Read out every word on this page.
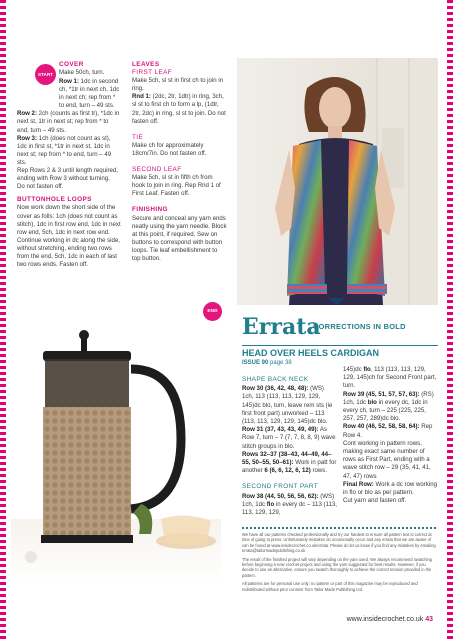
START

COVER

Make 50ch, turn.

Row 1: 1dc in second ch, *1tr in next ch, 1dc in next ch; rep from * to end, turn – 49 sts.

Row 2: 2ch (counts as first tr), *1dc in next st, 1tr in next st; rep from * to end, turn – 49 sts.

Row 3: 1ch (does not count as st), 1dc in first st, *1tr in next st, 1dc in next st; rep from * to end, turn – 49 sts.

Rep Rows 2 & 3 until length required, ending with Row 3 without turning.

Do not fasten off.

BUTTONHOLE LOOPS

Now work down the short side of the cover as folls: 1ch (does not count as stitch), 1dc in first row end, 1dc in next row end, 5ch, 1dc in next row end. Continue working in dc along the side, without stretching, ending two rows from the end, 5ch, 1dc in each of last two rows ends. Fasten off.

LEAVES

FIRST LEAF

Make 5ch, sl st in first ch to join in ring.

Rnd 1: (2dc, 2tr, 1dtr) in ring, 3ch, sl st to first ch to form a lp, (1dtr, 2tr, 2dc) in ring, sl st to join. Do not fasten off.

TIE

Make ch for approximately 18cm/7in. Do not fasten off.

SECOND LEAF

Make 5ch, sl st in fifth ch from hook to join in ring. Rep Rnd 1 of First Leaf. Fasten off.

FINISHING

Secure and conceal any yarn ends neatly using the yarn needle. Block at this point, if required. Sew on buttons to correspond with button loops. Tie leaf embellishment to top button.

END
Errata
CORRECTIONS IN BOLD
HEAD OVER HEELS CARDIGAN
ISSUE 90 page 38

SHAPE BACK NECK

Row 30 (36, 42, 48, 48): (WS) 1ch, 113 (113, 113, 129, 129, 145)dc blo, turn, leave rem sts (ie first front part) unworked – 113 (113, 113, 129, 129, 145)dc blo.

Row 31 (37, 43, 43, 49, 49): As Row 7, turn – 7 (7, 7, 8, 8, 9) wave stitch groups in blo.

Rows 32–37 (38–43, 44–49, 44–55, 50–55, 50–61): Work in patt for another 6 (6, 6, 12, 6, 12) rows.

SECOND FRONT PART

Row 38 (44, 50, 56, 56, 62): (WS) 1ch, 1dc flo in every dc – 113 (113, 113, 129, 129,

145)dc flo, 113 (113, 113, 129, 129, 145)ch for Second Front part, turn.

Row 39 (45, 51, 57, 57, 63): (RS) 1ch, 1dc blo in every dc, 1dc in every ch, turn – 225 (225, 225, 257, 257, 289)dc blo.

Row 40 (46, 52, 58, 58, 64): Rep Row 4.

Cont working in pattern rows, making exact same number of rows as First Part, ending with a wave stitch row – 29 (35, 41, 41, 47, 47) rows

Final Row: Work a dc row working in flo or blo as per pattern.

Cut yarn and fasten off.

We have all our patterns checked professionally and try our hardest to ensure all pattern text is correct at time of going to press. Unfortunately mistakes do occasionally occur and any errata that we are aware of can be found at www.insidecrochet.co.uk/errata. Please do let us know if you find any mistakes by emailing errata@tailormadepublishing.co.uk

The result of the finished project will vary depending on the yarn used. We always recommend swatching before beginning a new crochet project and using the yarn suggested for best results. However, if you decide to use an alternative, ensure you swatch thoroughly to achieve the correct tension provided in the pattern.

All patterns are for personal use only; no pattern or part of this magazine may be reproduced and redistributed without prior consent from Tailor Made Publishing Ltd.

www.insidecrochet.co.uk 43
